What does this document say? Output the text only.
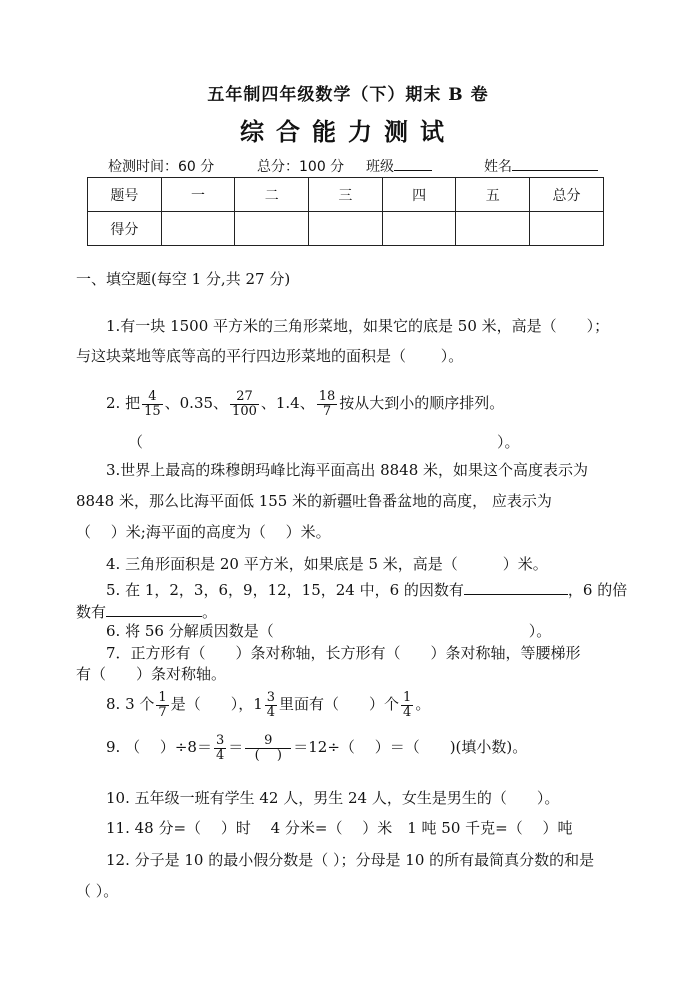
五年制四年级数学（下）期末 B 卷
综合能力测试
检测时间：60 分	总分：100 分 班级	姓名
题号	一	二	三	四	五	总分
得分						
一、填空题(每空 1 分,共 27 分)
1.有一块 1500 平方米的三角形菜地，如果它的底是 50 米，高是（　　）；
与这块菜地等底等高的平行四边形菜地的面积是（　　 ）。
2. 把 $\frac{4}{15}$ 、0.35、 $\frac{27}{100}$ 、1.4、 $\frac{18}{7}$ 按从大到小的顺序排列。
（	）。
3.世界上最高的珠穆朗玛峰比海平面高出 8848 米，如果这个高度表示为
8848 米，那么比海平面低 155 米的新疆吐鲁番盆地的高度， 应表示为
（　 ）米;海平面的高度为（　 ）米。
4. 三角形面积是 20 平方米，如果底是 5 米，高是（　　　）米。
5. 在 1，2，3，6，9，12，15，24 中，6 的因数有	，6 的倍
数有	。
6. 将 56 分解质因数是（　　　　　　　　　　　　　　　　　）。
7．正方形有（　　）条对称轴，长方形有（　　）条对称轴，等腰梯形
有（　　）条对称轴。
8. 3 个 $\frac{1}{7}$ 是（　　），$1 \frac{3}{4}$ 里面有（　　）个 $\frac{1}{4}$ 。
9. （　 ）$\div 8= \frac{3}{4} = \frac{9}{( )} =12\div$（　 ）＝（　　)(填小数)。
10. 五年级一班有学生 42 人，男生 24 人，女生是男生的（　　）。
11. 48 分=（　 ）时　 4 分米=（　 ）米　1 吨 50 千克=（　 ）吨
12. 分子是 10 的最小假分数是（ ）；分母是 10 的所有最简真分数的和是
（ ）。
